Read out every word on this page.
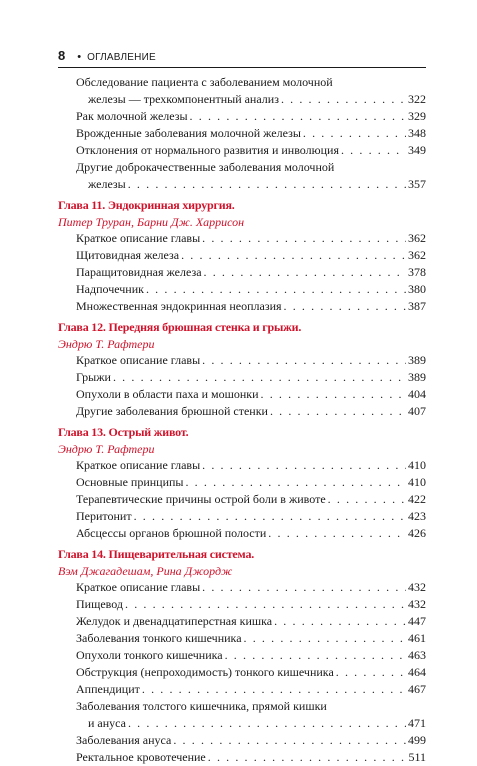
8 • ОГЛАВЛЕНИЕ
Обследование пациента с заболеванием молочной
железы — трехкомпонентный анализ . . .	322
Рак молочной железы . . .	329
Врожденные заболевания молочной железы . . .	348
Отклонения от нормального развития и инволюция . . .	349
Другие доброкачественные заболевания молочной
железы . . .	357
Глава 11. Эндокринная хирургия.
Питер Труран, Барни Дж. Харрисон
Краткое описание главы . . .	362
Щитовидная железа . . .	362
Паращитовидная железа . . .	378
Надпочечник . . .	380
Множественная эндокринная неоплазия . . .	387
Глава 12. Передняя брюшная стенка и грыжи.
Эндрю Т. Рафтери
Краткое описание главы . . .	389
Грыжи . . .	389
Опухоли в области паха и мошонки . . .	404
Другие заболевания брюшной стенки . . .	407
Глава 13. Острый живот.
Эндрю Т. Рафтери
Краткое описание главы . . .	410
Основные принципы . . .	410
Терапевтические причины острой боли в животе . . .	422
Перитонит . . .	423
Абсцессы органов брюшной полости . . .	426
Глава 14. Пищеварительная система.
Вэм Джагадешам, Рина Джордж
Краткое описание главы . . .	432
Пищевод . . .	432
Желудок и двенадцатиперстная кишка . . .	447
Заболевания тонкого кишечника . . .	461
Опухоли тонкого кишечника . . .	463
Обструкция (непроходимость) тонкого кишечника . . .	464
Аппендицит . . .	467
Заболевания толстого кишечника, прямой кишки
и ануса . . .	471
Заболевания ануса . . .	499
Ректальное кровотечение . . .	511
